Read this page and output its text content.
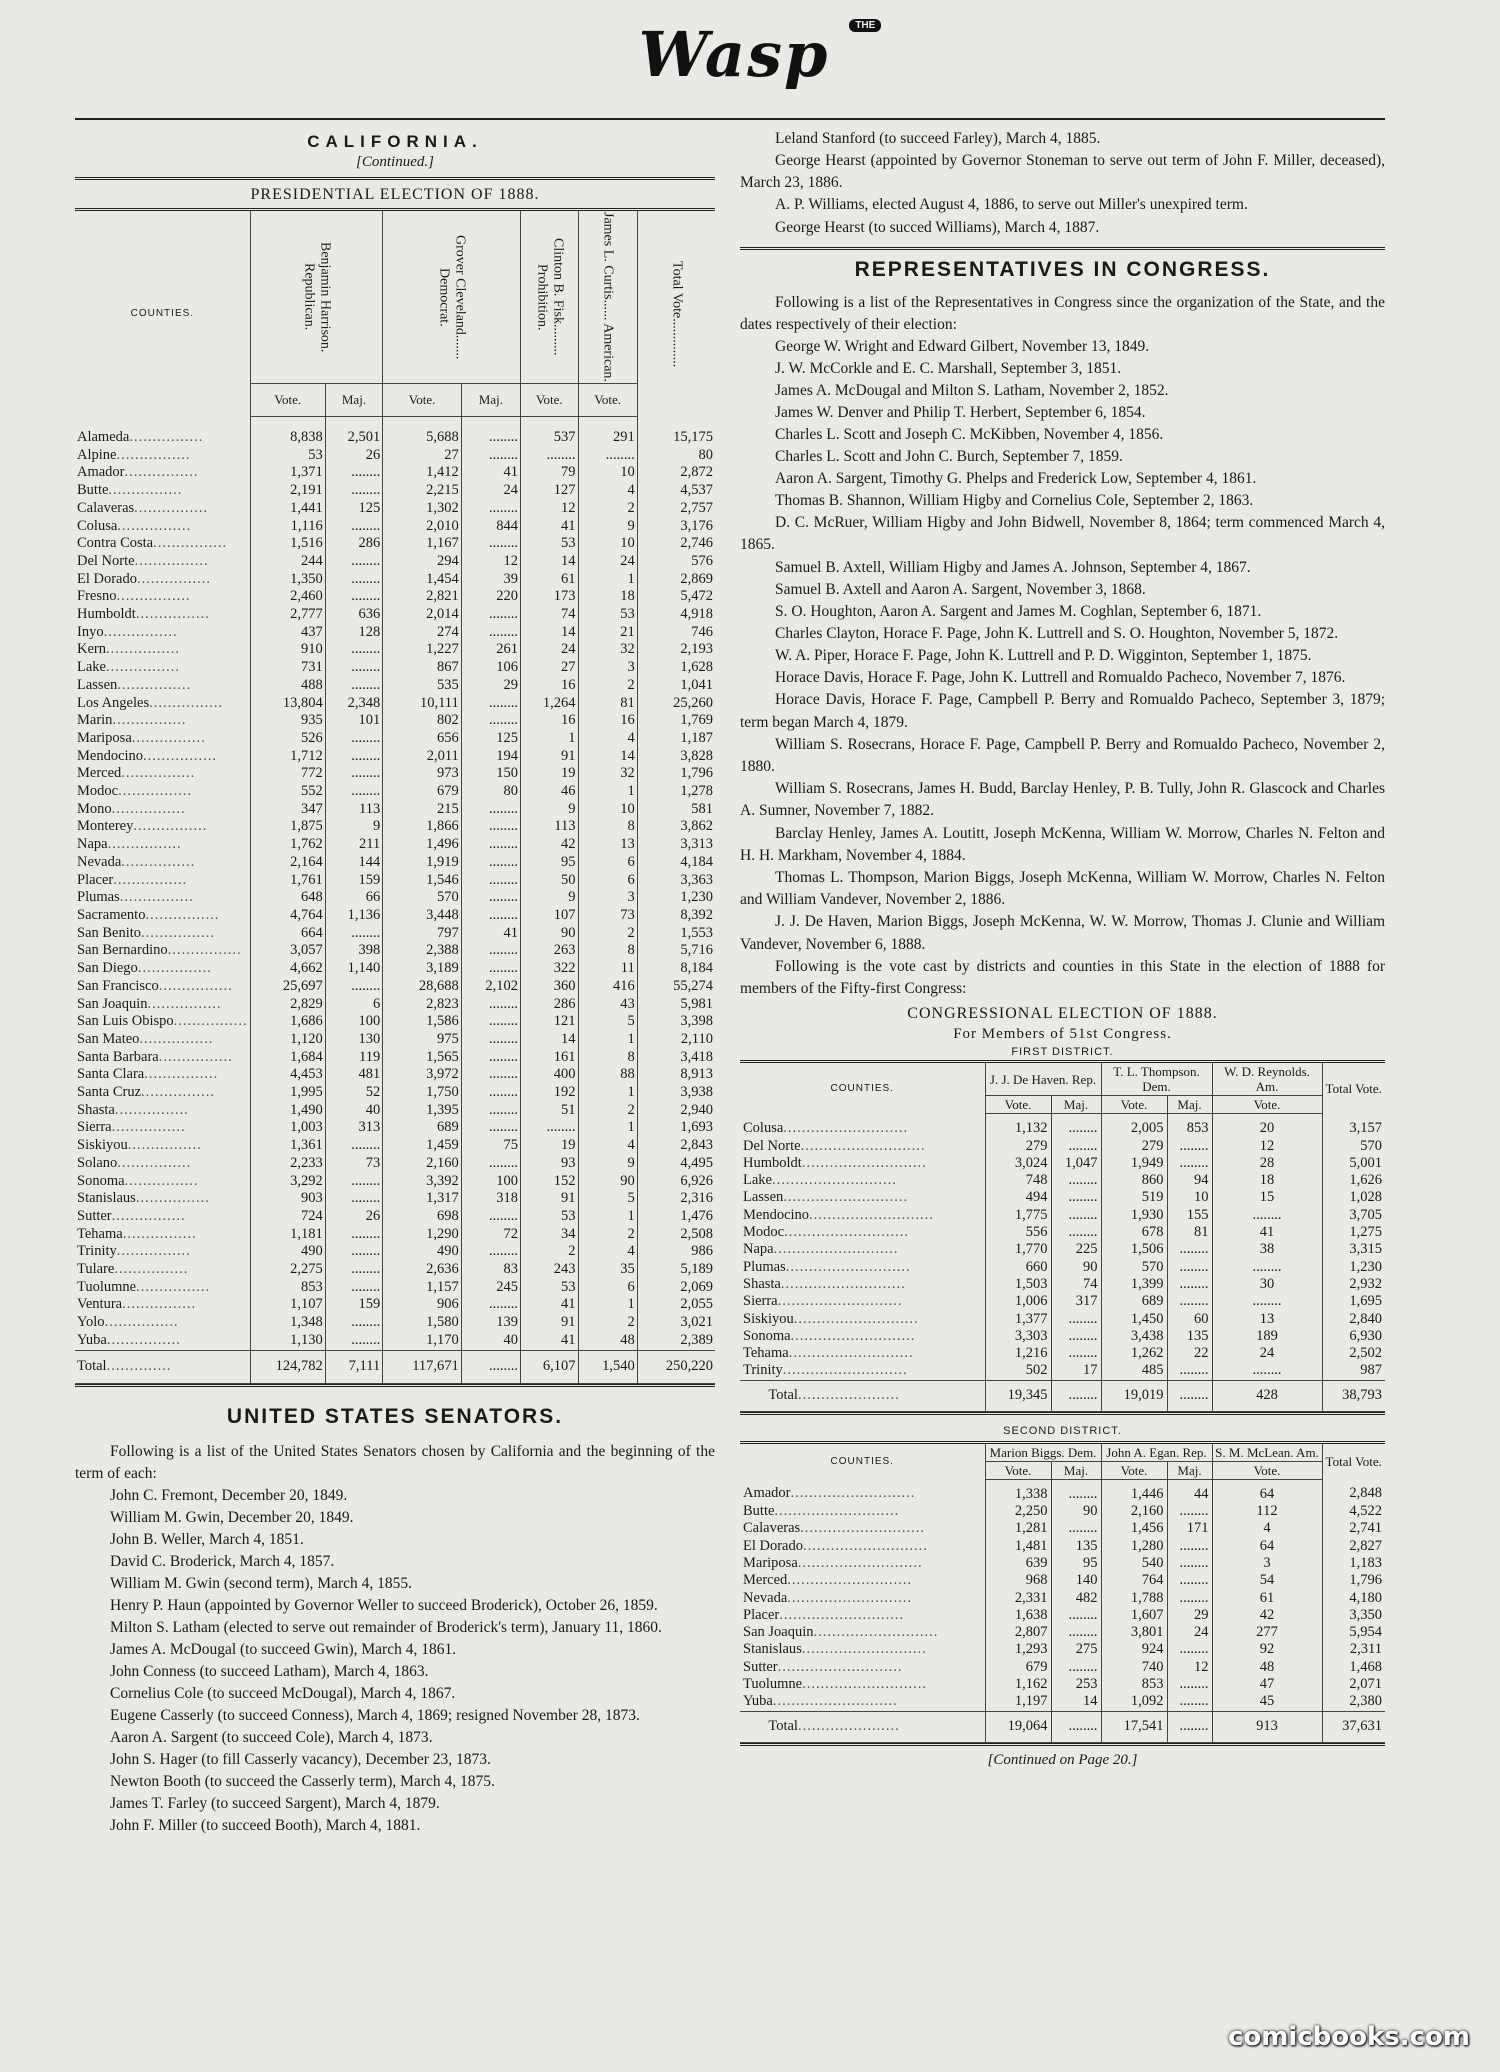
Wasp	THE
CALIFORNIA.
[Continued.]
PRESIDENTIAL ELECTION OF 1888.
COUNTIES.	Benjamin Harrison. Republican.		Grover Cleveland....... Democrat.		Clinton B. Fisk......... Prohibition.	James L. Curtis...... American.	Total Vote..............

	Vote.	Maj.	Vote.	Maj.	Vote.	Vote.	
Alameda................	8,838	2,501	5,688	........	537	291	15,175
Alpine................	53	26	27	........	........	........	80
Amador................	1,371	........	1,412	41	79	10	2,872
Butte................	2,191	........	2,215	24	127	4	4,537
Calaveras................	1,441	125	1,302	........	12	2	2,757
Colusa................	1,116	........	2,010	844	41	9	3,176
Contra Costa................	1,516	286	1,167	........	53	10	2,746
Del Norte................	244	........	294	12	14	24	576
El Dorado................	1,350	........	1,454	39	61	1	2,869
Fresno................	2,460	........	2,821	220	173	18	5,472
Humboldt................	2,777	636	2,014	........	74	53	4,918
Inyo................	437	128	274	........	14	21	746
Kern................	910	........	1,227	261	24	32	2,193
Lake................	731	........	867	106	27	3	1,628
Lassen................	488	........	535	29	16	2	1,041
Los Angeles................	13,804	2,348	10,111	........	1,264	81	25,260
Marin................	935	101	802	........	16	16	1,769
Mariposa................	526	........	656	125	1	4	1,187
Mendocino................	1,712	........	2,011	194	91	14	3,828
Merced................	772	........	973	150	19	32	1,796
Modoc................	552	........	679	80	46	1	1,278
Mono................	347	113	215	........	9	10	581
Monterey................	1,875	9	1,866	........	113	8	3,862
Napa................	1,762	211	1,496	........	42	13	3,313
Nevada................	2,164	144	1,919	........	95	6	4,184
Placer................	1,761	159	1,546	........	50	6	3,363
Plumas................	648	66	570	........	9	3	1,230
Sacramento................	4,764	1,136	3,448	........	107	73	8,392
San Benito................	664	........	797	41	90	2	1,553
San Bernardino................	3,057	398	2,388	........	263	8	5,716
San Diego................	4,662	1,140	3,189	........	322	11	8,184
San Francisco................	25,697	........	28,688	2,102	360	416	55,274
San Joaquin................	2,829	6	2,823	........	286	43	5,981
San Luis Obispo................	1,686	100	1,586	........	121	5	3,398
San Mateo................	1,120	130	975	........	14	1	2,110
Santa Barbara................	1,684	119	1,565	........	161	8	3,418
Santa Clara................	4,453	481	3,972	........	400	88	8,913
Santa Cruz................	1,995	52	1,750	........	192	1	3,938
Shasta................	1,490	40	1,395	........	51	2	2,940
Sierra................	1,003	313	689	........	........	1	1,693
Siskiyou................	1,361	........	1,459	75	19	4	2,843
Solano................	2,233	73	2,160	........	93	9	4,495
Sonoma................	3,292	........	3,392	100	152	90	6,926
Stanislaus................	903	........	1,317	318	91	5	2,316
Sutter................	724	26	698	........	53	1	1,476
Tehama................	1,181	........	1,290	72	34	2	2,508
Trinity................	490	........	490	........	2	4	986
Tulare................	2,275	........	2,636	83	243	35	5,189
Tuolumne................	853	........	1,157	245	53	6	2,069
Ventura................	1,107	159	906	........	41	1	2,055
Yolo................	1,348	........	1,580	139	91	2	3,021
Yuba................	1,130	........	1,170	40	41	48	2,389
Total..............	124,782	7,111	117,671	........	6,107	1,540	250,220
UNITED STATES SENATORS.

Following is a list of the United States Senators chosen by California and the beginning of the term of each:

John C. Fremont, December 20, 1849.

William M. Gwin, December 20, 1849.

John B. Weller, March 4, 1851.

David C. Broderick, March 4, 1857.

William M. Gwin (second term), March 4, 1855.

Henry P. Haun (appointed by Governor Weller to succeed Broderick), October 26, 1859.

Milton S. Latham (elected to serve out remainder of Broderick's term), January 11, 1860.

James A. McDougal (to succeed Gwin), March 4, 1861.

John Conness (to succeed Latham), March 4, 1863.

Cornelius Cole (to succeed McDougal), March 4, 1867.

Eugene Casserly (to succeed Conness), March 4, 1869; resigned November 28, 1873.

Aaron A. Sargent (to succeed Cole), March 4, 1873.

John S. Hager (to fill Casserly vacancy), December 23, 1873.

Newton Booth (to succeed the Casserly term), March 4, 1875.

James T. Farley (to succeed Sargent), March 4, 1879.

John F. Miller (to succeed Booth), March 4, 1881.

Leland Stanford (to succeed Farley), March 4, 1885.

George Hearst (appointed by Governor Stoneman to serve out term of John F. Miller, deceased), March 23, 1886.

A. P. Williams, elected August 4, 1886, to serve out Miller's unexpired term.

George Hearst (to succed Williams), March 4, 1887.

REPRESENTATIVES IN CONGRESS.

Following is a list of the Representatives in Congress since the organization of the State, and the dates respectively of their election:

George W. Wright and Edward Gilbert, November 13, 1849.

J. W. McCorkle and E. C. Marshall, September 3, 1851.

James A. McDougal and Milton S. Latham, November 2, 1852.

James W. Denver and Philip T. Herbert, September 6, 1854.

Charles L. Scott and Joseph C. McKibben, November 4, 1856.

Charles L. Scott and John C. Burch, September 7, 1859.

Aaron A. Sargent, Timothy G. Phelps and Frederick Low, September 4, 1861.

Thomas B. Shannon, William Higby and Cornelius Cole, September 2, 1863.

D. C. McRuer, William Higby and John Bidwell, November 8, 1864; term commenced March 4, 1865.

Samuel B. Axtell, William Higby and James A. Johnson, September 4, 1867.

Samuel B. Axtell and Aaron A. Sargent, November 3, 1868.

S. O. Houghton, Aaron A. Sargent and James M. Coghlan, September 6, 1871.

Charles Clayton, Horace F. Page, John K. Luttrell and S. O. Houghton, November 5, 1872.

W. A. Piper, Horace F. Page, John K. Luttrell and P. D. Wigginton, September 1, 1875.

Horace Davis, Horace F. Page, John K. Luttrell and Romualdo Pacheco, November 7, 1876.

Horace Davis, Horace F. Page, Campbell P. Berry and Romualdo Pacheco, September 3, 1879; term began March 4, 1879.

William S. Rosecrans, Horace F. Page, Campbell P. Berry and Romualdo Pacheco, November 2, 1880.

William S. Rosecrans, James H. Budd, Barclay Henley, P. B. Tully, John R. Glascock and Charles A. Sumner, November 7, 1882.

Barclay Henley, James A. Loutitt, Joseph McKenna, William W. Morrow, Charles N. Felton and H. H. Markham, November 4, 1884.

Thomas L. Thompson, Marion Biggs, Joseph McKenna, William W. Morrow, Charles N. Felton and William Vandever, November 2, 1886.

J. J. De Haven, Marion Biggs, Joseph McKenna, W. W. Morrow, Thomas J. Clunie and William Vandever, November 6, 1888.

Following is the vote cast by districts and counties in this State in the election of 1888 for members of the Fifty-first Congress:

CONGRESSIONAL ELECTION OF 1888.

For Members of 51st Congress.

FIRST DISTRICT.
COUNTIES.	J. J. De Haven. Rep.		T. L. Thompson. Dem.		W. D. Reynolds. Am.	Total Vote.
	Vote.	Maj.	Vote.	Maj.	Vote.	
Colusa...........................	1,132	........	2,005	853	20	3,157
Del Norte...........................	279	........	279	........	12	570
Humboldt...........................	3,024	1,047	1,949	........	28	5,001
Lake...........................	748	........	860	94	18	1,626
Lassen...........................	494	........	519	10	15	1,028
Mendocino...........................	1,775	........	1,930	155	........	3,705
Modoc...........................	556	........	678	81	41	1,275
Napa...........................	1,770	225	1,506	........	38	3,315
Plumas...........................	660	90	570	........	........	1,230
Shasta...........................	1,503	74	1,399	........	30	2,932
Sierra...........................	1,006	317	689	........	........	1,695
Siskiyou...........................	1,377	........	1,450	60	13	2,840
Sonoma...........................	3,303	........	3,438	135	189	6,930
Tehama...........................	1,216	........	1,262	22	24	2,502
Trinity...........................	502	17	485	........	........	987
Total......................	19,345	........	19,019	........	428	38,793
SECOND DISTRICT.
COUNTIES.	Marion Biggs. Dem.		John A. Egan. Rep.		S. M. McLean. Am.	Total Vote.
	Vote.	Maj.	Vote.	Maj.	Vote.	
Amador...........................	1,338	........	1,446	44	64	2,848
Butte...........................	2,250	90	2,160	........	112	4,522
Calaveras...........................	1,281	........	1,456	171	4	2,741
El Dorado...........................	1,481	135	1,280	........	64	2,827
Mariposa...........................	639	95	540	........	3	1,183
Merced...........................	968	140	764	........	54	1,796
Nevada...........................	2,331	482	1,788	........	61	4,180
Placer...........................	1,638	........	1,607	29	42	3,350
San Joaquin...........................	2,807	........	3,801	24	277	5,954
Stanislaus...........................	1,293	275	924	........	92	2,311
Sutter...........................	679	........	740	12	48	1,468
Tuolumne...........................	1,162	253	853	........	47	2,071
Yuba...........................	1,197	14	1,092	........	45	2,380
Total......................	19,064	........	17,541	........	913	37,631
[Continued on Page 20.]
comicbooks.com
